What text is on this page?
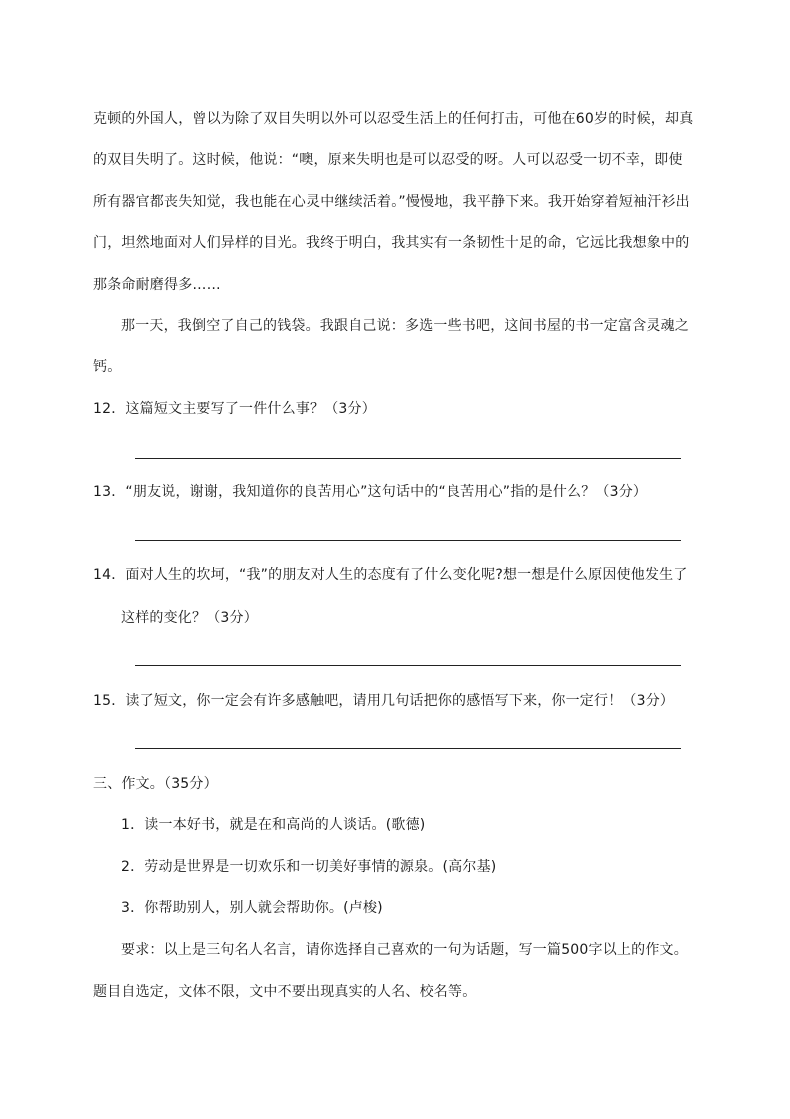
克顿的外国人，曾以为除了双目失明以外可以忍受生活上的任何打击，可他在60岁的时候，却真
的双目失明了。这时候，他说：“噢，原来失明也是可以忍受的呀。人可以忍受一切不幸，即使
所有器官都丧失知觉，我也能在心灵中继续活着。”慢慢地，我平静下来。我开始穿着短袖汗衫出
门，坦然地面对人们异样的目光。我终于明白，我其实有一条韧性十足的命，它远比我想象中的
那条命耐磨得多……
那一天，我倒空了自己的钱袋。我跟自己说：多选一些书吧，这间书屋的书一定富含灵魂之
钙。
12．这篇短文主要写了一件什么事？（3分）
13．“朋友说，谢谢，我知道你的良苦用心”这句话中的“良苦用心”指的是什么？（3分）
14．面对人生的坎坷，“我”的朋友对人生的态度有了什么变化呢?想一想是什么原因使他发生了
这样的变化？（3分）
15．读了短文，你一定会有许多感触吧，请用几句话把你的感悟写下来，你一定行！（3分）
三、作文。（35分）
1．读一本好书，就是在和高尚的人谈话。(歌德)
2．劳动是世界是一切欢乐和一切美好事情的源泉。(高尔基)
3．你帮助别人，别人就会帮助你。(卢梭)
要求：以上是三句名人名言，请你选择自己喜欢的一句为话题，写一篇500字以上的作文。
题目自选定，文体不限，文中不要出现真实的人名、校名等。
